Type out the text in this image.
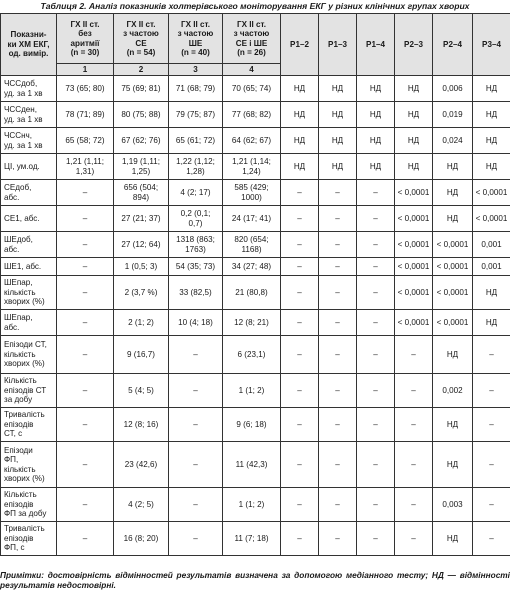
Таблиця 2. Аналіз показників холтерівського моніторування ЕКГ у різних клінічних групах хворих
Показни-
ки ХМ ЕКГ,
од. вимір.	ГХ ІІ ст.
без
аритмії
(n = 30)	ГХ ІІ ст.
з частою
СЕ
(n = 54)	ГХ ІІ ст.
з частою
ШЕ
(n = 40)	ГХ ІІ ст.
з частою
СЕ і ШЕ
(n = 26)	Р1–2	Р1–3	Р1–4	Р2–3	Р2–4	Р3–4
	1	2	3	4						
ЧССдоб,
уд. за 1 хв	73 (65; 80)	75 (69; 81)	71 (68; 79)	70 (65; 74)	НД	НД	НД	НД	0,006	НД
ЧССден,
уд. за 1 хв	78 (71; 89)	80 (75; 88)	79 (75; 87)	77 (68; 82)	НД	НД	НД	НД	0,019	НД
ЧССнч,
уд. за 1 хв	65 (58; 72)	67 (62; 76)	65 (61; 72)	64 (62; 67)	НД	НД	НД	НД	0,024	НД
ЦІ, ум.од.	1,21 (1,11;
1,31)	1,19 (1,11;
1,25)	1,22 (1,12;
1,28)	1,21 (1,14;
1,24)	НД	НД	НД	НД	НД	НД
СЕдоб,
абс.	–	656 (504;
894)	4 (2; 17)	585 (429;
1000)	–	–	–	< 0,0001	НД	< 0,0001
СЕ1, абс.	–	27 (21; 37)	0,2 (0,1;
0,7)	24 (17; 41)	–	–	–	< 0,0001	НД	< 0,0001
ШЕдоб,
абс.	–	27 (12; 64)	1318 (863;
1763)	820 (654;
1168)	–	–	–	< 0,0001	< 0,0001	0,001
ШЕ1, абс.	–	1 (0,5; 3)	54 (35; 73)	34 (27; 48)	–	–	–	< 0,0001	< 0,0001	0,001
ШЕпар,
кількість
хворих (%)	–	2 (3,7 %)	33 (82,5)	21 (80,8)	–	–	–	< 0,0001	< 0,0001	НД
ШЕпар,
абс.	–	2 (1; 2)	10 (4; 18)	12 (8; 21)	–	–	–	< 0,0001	< 0,0001	НД
Епізоди СТ,
кількість
хворих (%)	–	9 (16,7)	–	6 (23,1)	–	–	–	–	НД	–
Кількість
епізодів СТ
за добу	–	5 (4; 5)	–	1 (1; 2)	–	–	–	–	0,002	–
Тривалість
епізодів
СТ, с	–	12 (8; 16)	–	9 (6; 18)	–	–	–	–	НД	–
Епізоди
ФП,
кількість
хворих (%)	–	23 (42,6)	–	11 (42,3)	–	–	–	–	НД	–
Кількість
епізодів
ФП за добу	–	4 (2; 5)	–	1 (1; 2)	–	–	–	–	0,003	–
Тривалість
епізодів
ФП, с	–	16 (8; 20)	–	11 (7; 18)	–	–	–	–	НД	–
Примітки: достовірність відмінностей результатів визначена за допомогою медіанного тесту; НД — відмінності результатів недостовірні.
